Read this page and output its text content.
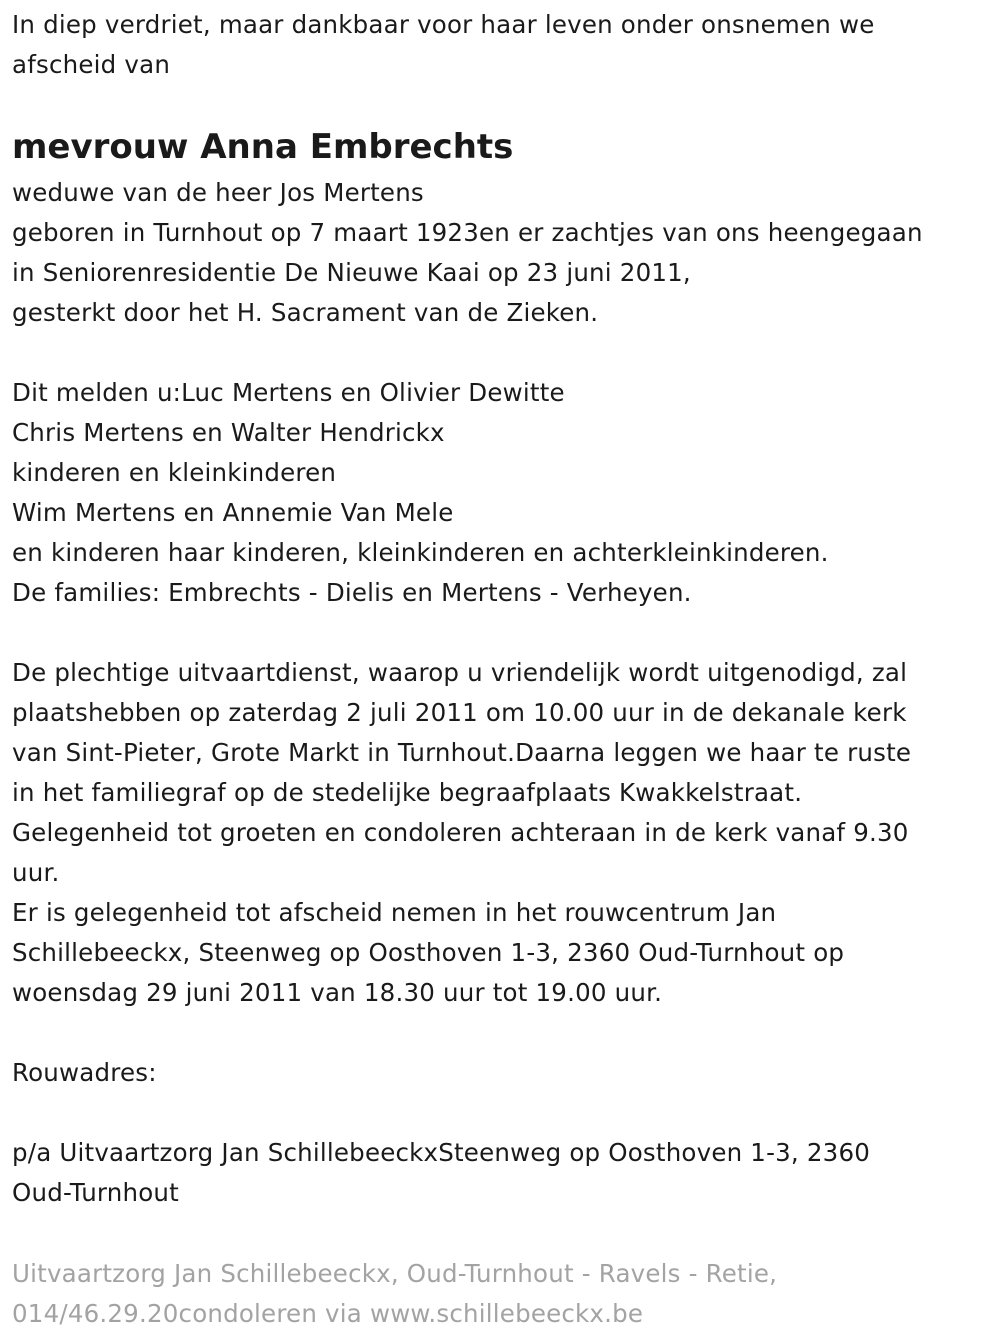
In diep verdriet, maar dankbaar voor haar leven onder onsnemen we

afscheid van

mevrouw Anna Embrechts

weduwe van de heer Jos Mertens

geboren in Turnhout op 7 maart 1923en er zachtjes van ons heengegaan

in Seniorenresidentie De Nieuwe Kaai op 23 juni 2011,

gesterkt door het H. Sacrament van de Zieken.

Dit melden u:Luc Mertens en Olivier Dewitte

Chris Mertens en Walter Hendrickx

kinderen en kleinkinderen

Wim Mertens en Annemie Van Mele

en kinderen haar kinderen, kleinkinderen en achterkleinkinderen.

De families: Embrechts - Dielis en Mertens - Verheyen.

De plechtige uitvaartdienst, waarop u vriendelijk wordt uitgenodigd, zal

plaatshebben op zaterdag 2 juli 2011 om 10.00 uur in de dekanale kerk

van Sint-Pieter, Grote Markt in Turnhout.Daarna leggen we haar te ruste

in het familiegraf op de stedelijke begraafplaats Kwakkelstraat.

Gelegenheid tot groeten en condoleren achteraan in de kerk vanaf 9.30

uur.

Er is gelegenheid tot afscheid nemen in het rouwcentrum Jan

Schillebeeckx, Steenweg op Oosthoven 1-3, 2360 Oud-Turnhout op

woensdag 29 juni 2011 van 18.30 uur tot 19.00 uur.

Rouwadres:

p/a Uitvaartzorg Jan SchillebeeckxSteenweg op Oosthoven 1-3, 2360

Oud-Turnhout

Uitvaartzorg Jan Schillebeeckx, Oud-Turnhout - Ravels - Retie,

014/46.29.20condoleren via www.schillebeeckx.be
